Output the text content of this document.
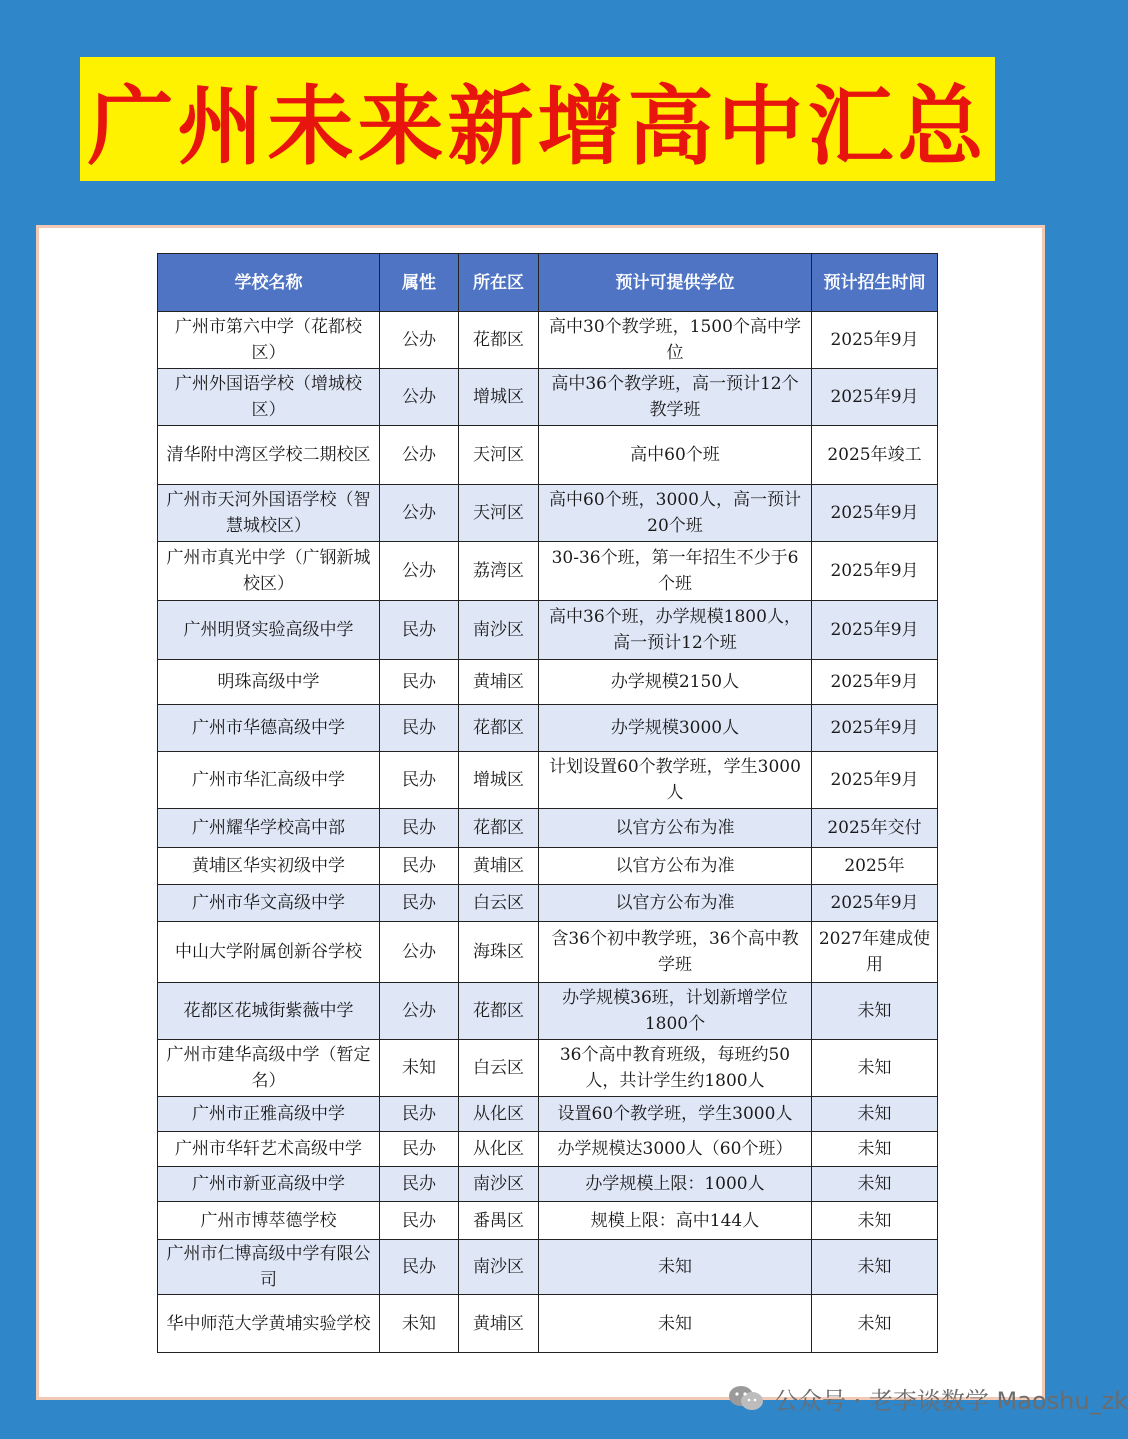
广州未来新增高中汇总
学校名称	属性	所在区	预计可提供学位	预计招生时间
广州市第六中学（花都校区）	公办	花都区	高中30个教学班，1500个高中学位	2025年9月
广州外国语学校（增城校区）	公办	增城区	高中36个教学班，高一预计12个教学班	2025年9月
清华附中湾区学校二期校区	公办	天河区	高中60个班	2025年竣工
广州市天河外国语学校（智慧城校区）	公办	天河区	高中60个班，3000人，高一预计20个班	2025年9月
广州市真光中学（广钢新城校区）	公办	荔湾区	30-36个班，第一年招生不少于6个班	2025年9月
广州明贤实验高级中学	民办	南沙区	高中36个班，办学规模1800人，高一预计12个班	2025年9月
明珠高级中学	民办	黄埔区	办学规模2150人	2025年9月
广州市华德高级中学	民办	花都区	办学规模3000人	2025年9月
广州市华汇高级中学	民办	增城区	计划设置60个教学班，学生3000人	2025年9月
广州耀华学校高中部	民办	花都区	以官方公布为准	2025年交付
黄埔区华实初级中学	民办	黄埔区	以官方公布为准	2025年
广州市华文高级中学	民办	白云区	以官方公布为准	2025年9月
中山大学附属创新谷学校	公办	海珠区	含36个初中教学班，36个高中教学班	2027年建成使用
花都区花城街紫薇中学	公办	花都区	办学规模36班，计划新增学位1800个	未知
广州市建华高级中学（暂定名）	未知	白云区	36个高中教育班级，每班约50人，共计学生约1800人	未知
广州市正雅高级中学	民办	从化区	设置60个教学班，学生3000人	未知
广州市华轩艺术高级中学	民办	从化区	办学规模达3000人（60个班）	未知
广州市新亚高级中学	民办	南沙区	办学规模上限：1000人	未知
广州市博萃德学校	民办	番禺区	规模上限：高中144人	未知
广州市仁博高级中学有限公司	民办	南沙区	未知	未知
华中师范大学黄埔实验学校	未知	黄埔区	未知	未知
公众号 · 老李谈数学 Maoshu_zk
